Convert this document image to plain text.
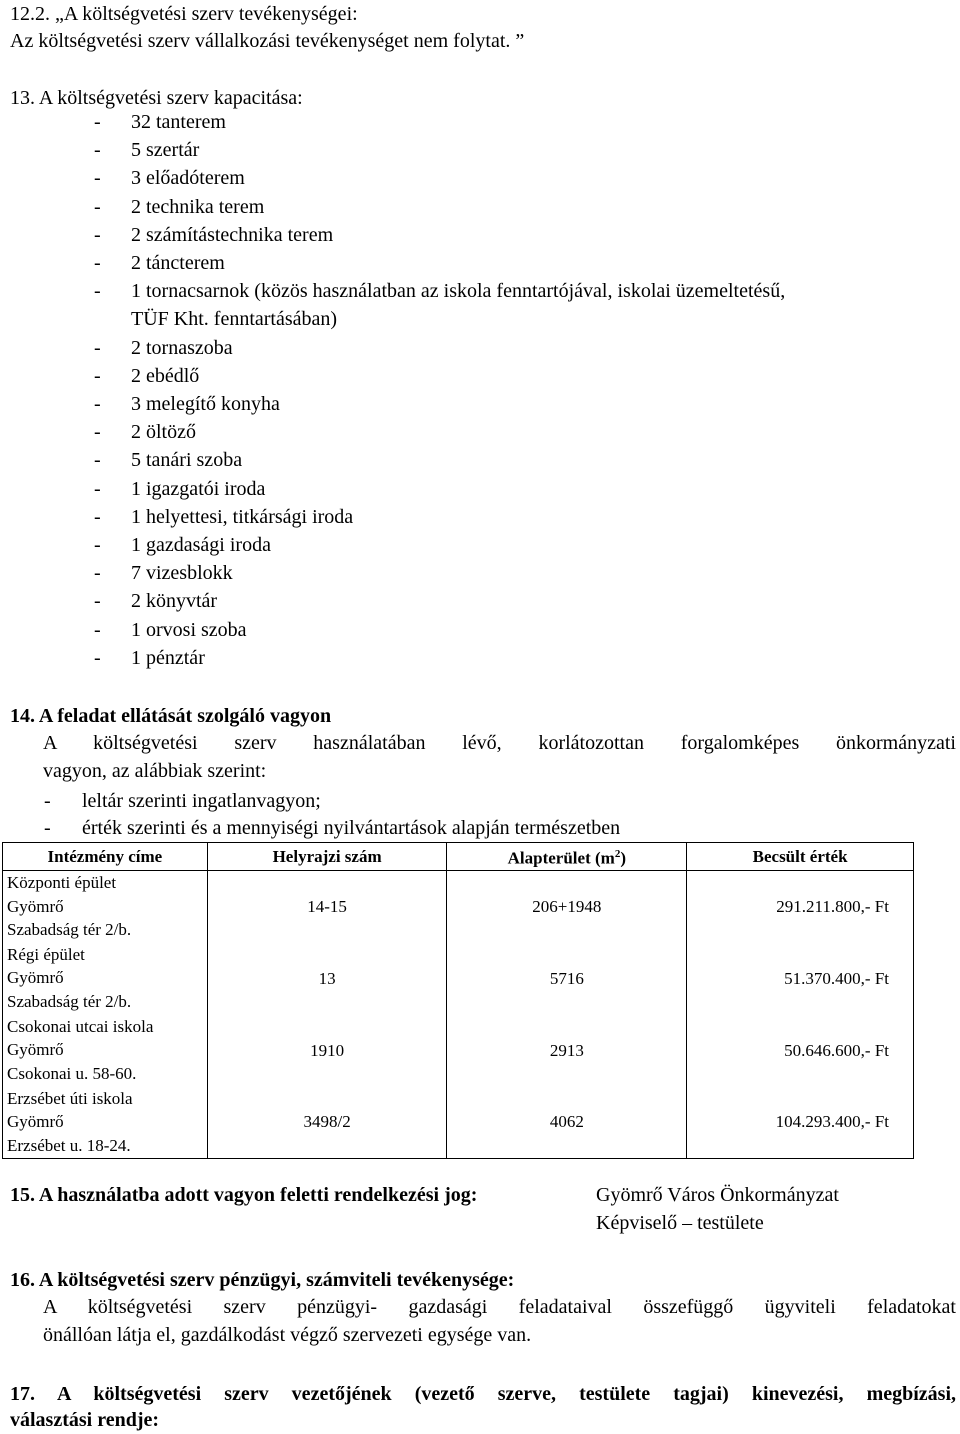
12.2. „A költségvetési szerv tevékenységei:
Az költségvetési szerv vállalkozási tevékenységet nem folytat. ”
13. A költségvetési szerv kapacitása:
- 32 tanterem
- 5 szertár
- 3 előadóterem
- 2 technika terem
- 2 számítástechnika terem
- 2 táncterem
- 1 tornacsarnok (közös használatban az iskola fenntartójával, iskolai üzemeltetésű,
TÜF Kht. fenntartásában)
- 2 tornaszoba
- 2 ebédlő
- 3 melegítő konyha
- 2 öltöző
- 5 tanári szoba
- 1 igazgatói iroda
- 1 helyettesi, titkársági iroda
- 1 gazdasági iroda
- 7 vizesblokk
- 2 könyvtár
- 1 orvosi szoba
- 1 pénztár
14. A feladat ellátását szolgáló vagyon
A költségvetési szerv használatában lévő, korlátozottan forgalomképes önkormányzati
vagyon, az alábbiak szerint:
- leltár szerinti ingatlanvagyon;
- érték szerinti és a mennyiségi nyilvántartások alapján természetben
Intézmény címe	Helyrajzi szám	Alapterület $(m^2)$	Becsült érték

Központi épület
Gyömrő
Szabadság tér 2/b.	14-15	206+1948	291.211.800,- Ft

Régi épület
Gyömrő
Szabadság tér 2/b.	13	5716	51.370.400,- Ft

Csokonai utcai iskola
Gyömrő
Csokonai u. 58-60.	1910	2913	50.646.600,- Ft

Erzsébet úti iskola
Gyömrő
Erzsébet u. 18-24.	3498/2	4062	104.293.400,- Ft
15. A használatba adott vagyon feletti rendelkezési jog:	Gyömrő Város Önkormányzat
Képviselő – testülete
16. A költségvetési szerv pénzügyi, számviteli tevékenysége:
A költségvetési szerv pénzügyi- gazdasági feladataival összefüggő ügyviteli feladatokat
önállóan látja el, gazdálkodást végző szervezeti egysége van.
17. A költségvetési szerv vezetőjének (vezető szerve, testülete tagjai) kinevezési, megbízási,
választási rendje:
